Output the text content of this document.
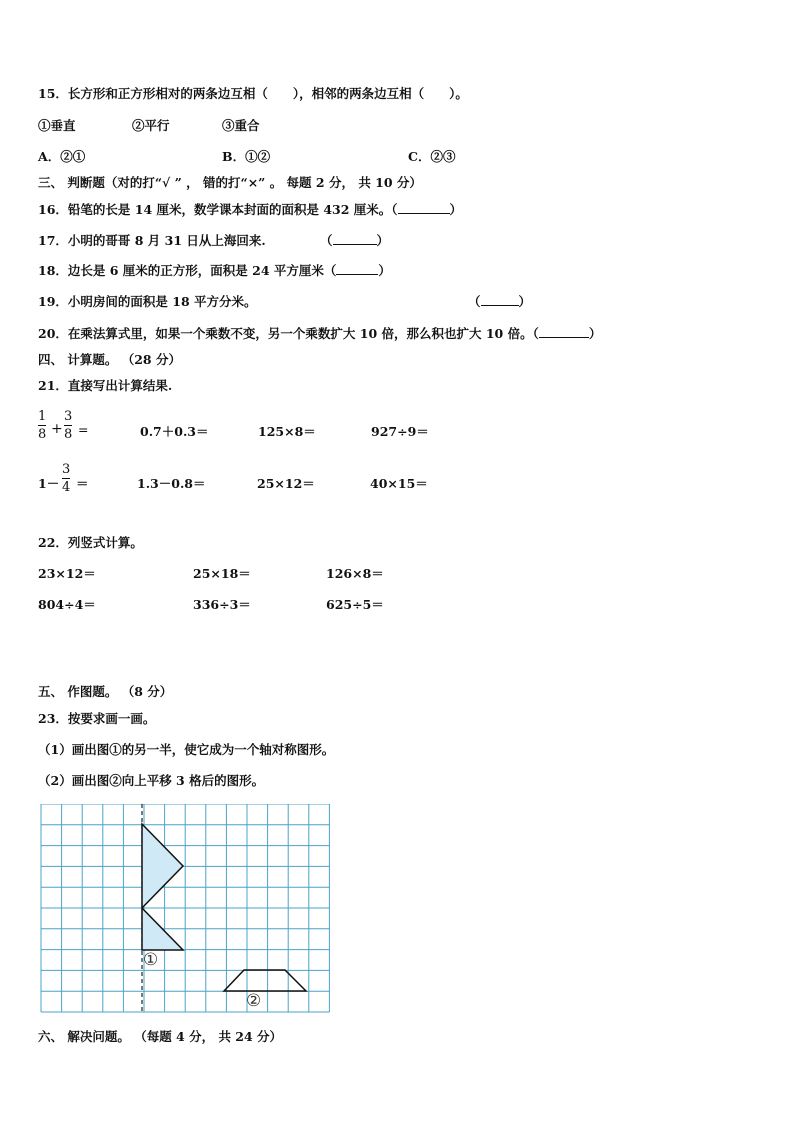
15．长方形和正方形相对的两条边互相（　　），相邻的两条边互相（　　）。
①垂直	②平行	③重合
A．②①	B．①②	C．②③
三、 判断题（对的打“√ ” ， 错的打“×” 。 每题 2 分， 共 10 分）
16．铅笔的长是 14 厘米，数学课本封面的面积是 432 厘米。（	）
17．小明的哥哥 8 月 31 日从上海回来.	（	）
18．边长是 6 厘米的正方形，面积是 24 平方厘米（	）
19．小明房间的面积是 18 平方分米。	（	）
20．在乘法算式里，如果一个乘数不变，另一个乘数扩大 10 倍，那么积也扩大 10 倍。（	）
四、 计算题。 （28 分）
21．直接写出计算结果.
1
8 +
3
8 =	0.7＋0.3＝	125×8＝	927÷9＝
1－
3
4 ＝	1.3－0.8＝	25×12＝	40×15＝
22．列竖式计算。
23×12＝	25×18＝	126×8＝
804÷4＝	336÷3＝	625÷5＝
五、 作图题。 （8 分）
23．按要求画一画。
（1）画出图①的另一半，使它成为一个轴对称图形。
（2）画出图②向上平移 3 格后的图形。
①
②
六、 解决问题。 （每题 4 分， 共 24 分）
